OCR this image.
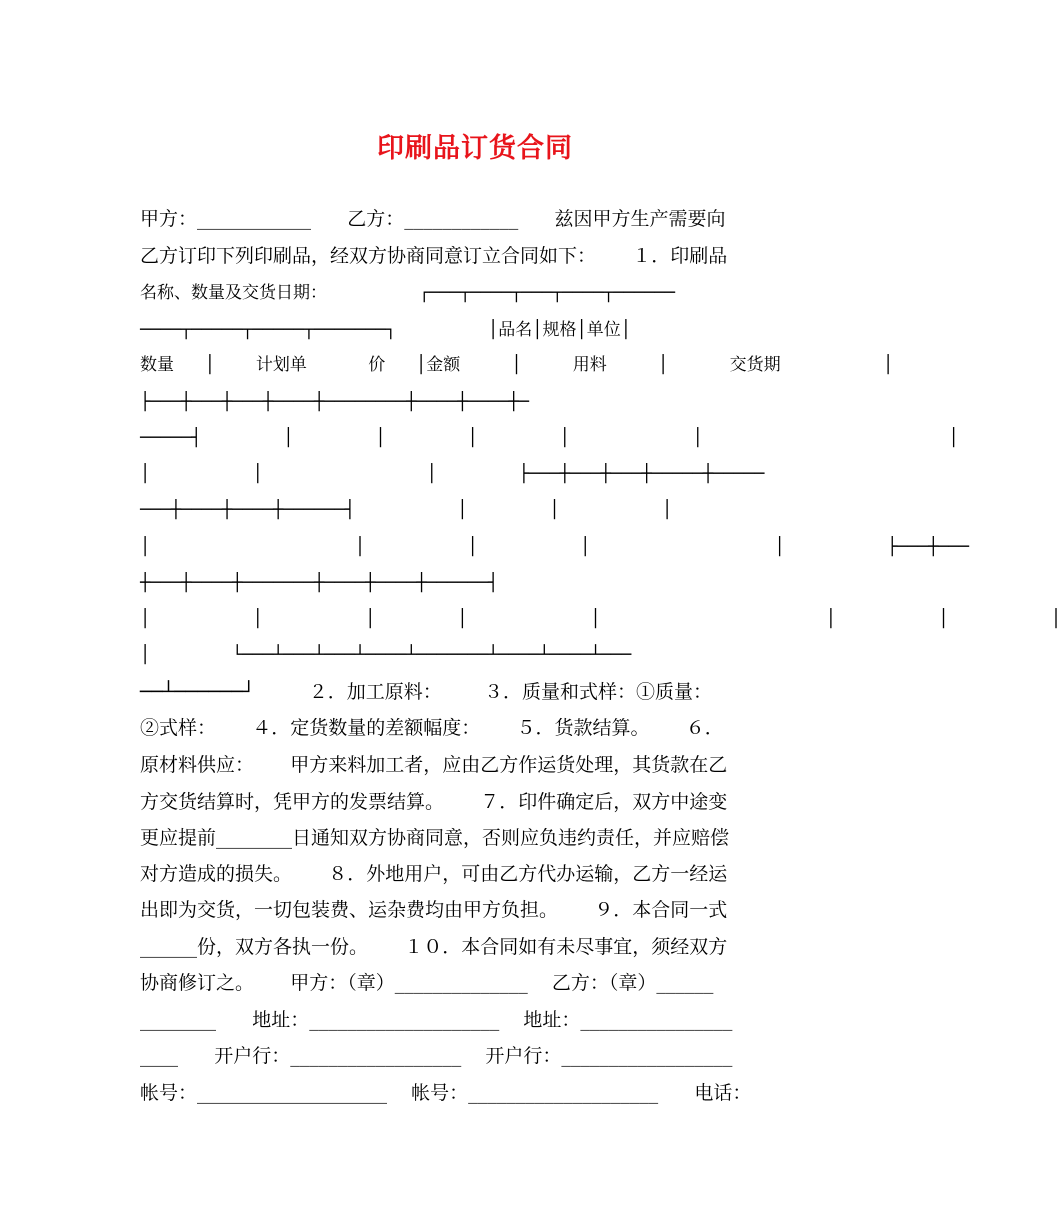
印刷品订货合同
甲方：____________      乙方：____________      兹因甲方生产需要向
乙方订印下列印刷品，经双方协商同意订立合同如下：      １．印刷品
名称、数量及交货日期：         ┌───┬────┬───┬────┬──────
────┬─────┬─────┬───────┐         │品名│规格│单位│
数量   │    计划单      价   │金额     │     用料     │      交货期          │
├───┼───┼───┼────┼────────┼────┼────┼─
─────┤        │        │        │        │            │                        │
│          │                │        ├───┼───┼───┼─────┼─────
───┼────┼────┼──────┤          │        │          │
│                    │          │          │                  │          ├───┼───
┼───┼────┼───────┼────┼────┼──────┤
│          │          │        │            │                      │          │          │
│        └───┴───┴───┴────┴───────┴────┴────┴───
──┴──────┘         ２．加工原料：       ３．质量和式样：①质量：
②式样：      ４．定货数量的差额幅度：      ５．货款结算。      ６．
原材料供应：      甲方来料加工者，应由乙方作运货处理，其货款在乙
方交货结算时，凭甲方的发票结算。      ７．印件确定后，双方中途变
更应提前________日通知双方协商同意，否则应负违约责任，并应赔偿
对方造成的损失。      ８．外地用户，可由乙方代办运输，乙方一经运
出即为交货，一切包装费、运杂费均由甲方负担。      ９．本合同一式
______份，双方各执一份。      １０．本合同如有未尽事宜，须经双方
协商修订之。      甲方：（章）______________    乙方：（章）______
________      地址：____________________    地址：________________
____      开户行：__________________    开户行：__________________
帐号：____________________    帐号：____________________      电话：
